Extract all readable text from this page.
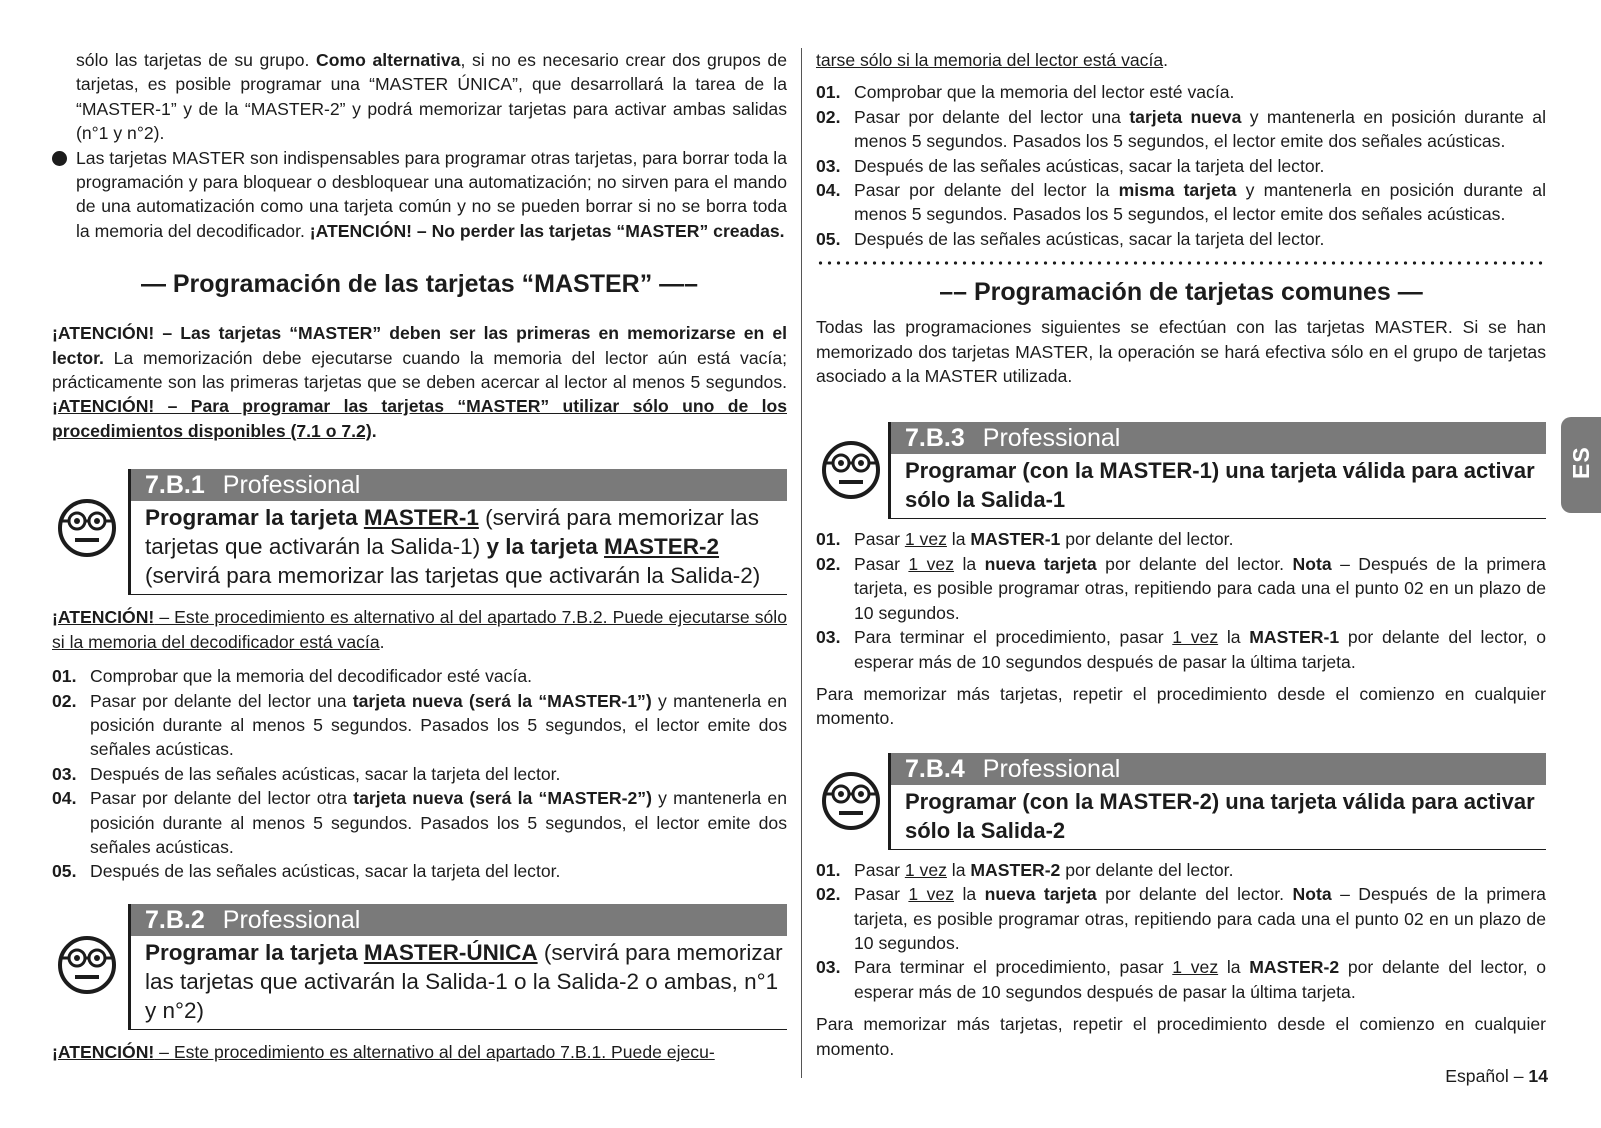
sólo las tarjetas de su grupo. Como alternativa, si no es necesario crear dos grupos de tarjetas, es posible programar una “MASTER ÚNICA”, que desarrollará la tarea de la “MASTER-1” y de la “MASTER-2” y podrá memorizar tarjetas para activar ambas salidas (n°1 y n°2).

Las tarjetas MASTER son indispensables para programar otras tarjetas, para borrar toda la programación y para bloquear o desbloquear una automatización; no sirven para el mando de una automatización como una tarjeta común y no se pueden borrar si no se borra toda la memoria del decodificador. ¡ATENCIÓN! – No perder las tarjetas “MASTER” creadas.

— Programación de las tarjetas “MASTER” —–

¡ATENCIÓN! – Las tarjetas “MASTER” deben ser las primeras en memorizarse en el lector. La memorización debe ejecutarse cuando la memoria del lector aún está vacía; prácticamente son las primeras tarjetas que se deben acercar al lector al menos 5 segundos. ¡ATENCIÓN! – Para programar las tarjetas “MASTER” utilizar sólo uno de los procedimientos disponibles (7.1 o 7.2).

7.B.1 Professional
Programar la tarjeta MASTER-1 (servirá para memorizar las tarjetas que activarán la Salida-1) y la tarjeta MASTER-2 (servirá para memorizar las tarjetas que activarán la Salida-2)

¡ATENCIÓN! – Este procedimiento es alternativo al del apartado 7.B.2. Puede ejecutarse sólo si la memoria del decodificador está vacía.

01. Comprobar que la memoria del decodificador esté vacía.
02. Pasar por delante del lector una tarjeta nueva (será la “MASTER-1”) y mantenerla en posición durante al menos 5 segundos. Pasados los 5 segundos, el lector emite dos señales acústicas.
03. Después de las señales acústicas, sacar la tarjeta del lector.
04. Pasar por delante del lector otra tarjeta nueva (será la “MASTER-2”) y mantenerla en posición durante al menos 5 segundos. Pasados los 5 segundos, el lector emite dos señales acústicas.
05. Después de las señales acústicas, sacar la tarjeta del lector.
7.B.2 Professional
Programar la tarjeta MASTER-ÚNICA (servirá para memorizar las tarjetas que activarán la Salida-1 o la Salida-2 o ambas, n°1 y n°2)

¡ATENCIÓN! – Este procedimiento es alternativo al del apartado 7.B.1. Puede ejecu-

tarse sólo si la memoria del lector está vacía.

01. Comprobar que la memoria del lector esté vacía.
02. Pasar por delante del lector una tarjeta nueva y mantenerla en posición durante al menos 5 segundos. Pasados los 5 segundos, el lector emite dos señales acústicas.
03. Después de las señales acústicas, sacar la tarjeta del lector.
04. Pasar por delante del lector la misma tarjeta y mantenerla en posición durante al menos 5 segundos. Pasados los 5 segundos, el lector emite dos señales acústicas.
05. Después de las señales acústicas, sacar la tarjeta del lector.
–– Programación de tarjetas comunes —

Todas las programaciones siguientes se efectúan con las tarjetas MASTER. Si se han memorizado dos tarjetas MASTER, la operación se hará efectiva sólo en el grupo de tarjetas asociado a la MASTER utilizada.

7.B.3 Professional
Programar (con la MASTER-1) una tarjeta válida para activar sólo la Salida-1
01. Pasar 1 vez la MASTER-1 por delante del lector.
02. Pasar 1 vez la nueva tarjeta por delante del lector. Nota – Después de la primera tarjeta, es posible programar otras, repitiendo para cada una el punto 02 en un plazo de 10 segundos.
03. Para terminar el procedimiento, pasar 1 vez la MASTER-1 por delante del lector, o esperar más de 10 segundos después de pasar la última tarjeta.

Para memorizar más tarjetas, repetir el procedimiento desde el comienzo en cualquier momento.

7.B.4 Professional
Programar (con la MASTER-2) una tarjeta válida para activar sólo la Salida-2
01. Pasar 1 vez la MASTER-2 por delante del lector.
02. Pasar 1 vez la nueva tarjeta por delante del lector. Nota – Después de la primera tarjeta, es posible programar otras, repitiendo para cada una el punto 02 en un plazo de 10 segundos.
03. Para terminar el procedimiento, pasar 1 vez la MASTER-2 por delante del lector, o esperar más de 10 segundos después de pasar la última tarjeta.

Para memorizar más tarjetas, repetir el procedimiento desde el comienzo en cualquier momento.

ES
Español – 14
